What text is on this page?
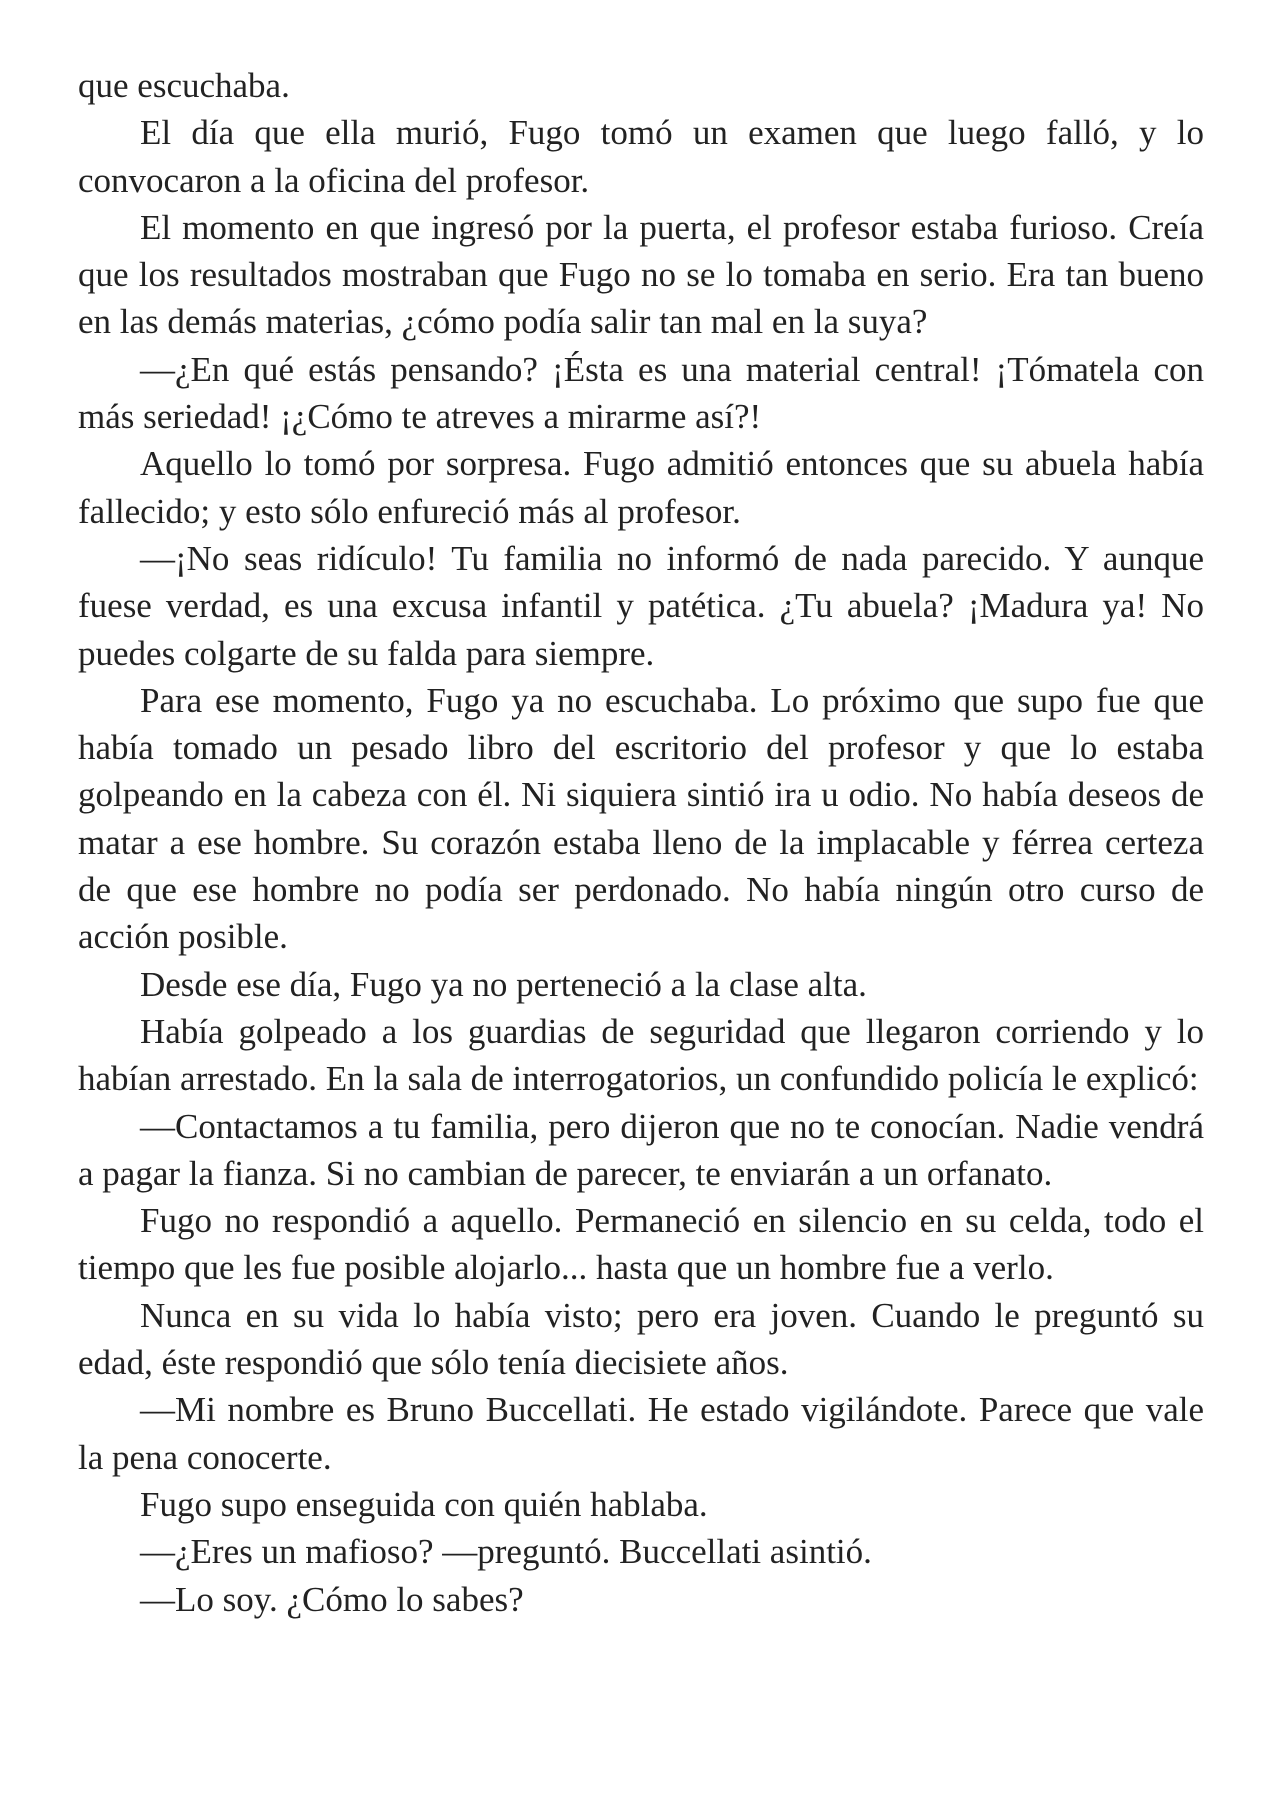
que escuchaba.

El día que ella murió, Fugo tomó un examen que luego falló, y lo convocaron a la oficina del profesor.

El momento en que ingresó por la puerta, el profesor estaba furioso. Creía que los resultados mostraban que Fugo no se lo tomaba en serio. Era tan bueno en las demás materias, ¿cómo podía salir tan mal en la suya?

—¿En qué estás pensando? ¡Ésta es una material central! ¡Tómatela con más seriedad! ¡¿Cómo te atreves a mirarme así?!

Aquello lo tomó por sorpresa. Fugo admitió entonces que su abuela había fallecido; y esto sólo enfureció más al profesor.

—¡No seas ridículo! Tu familia no informó de nada parecido. Y aunque fuese verdad, es una excusa infantil y patética. ¿Tu abuela? ¡Madura ya! No puedes colgarte de su falda para siempre.

Para ese momento, Fugo ya no escuchaba. Lo próximo que supo fue que había tomado un pesado libro del escritorio del profesor y que lo estaba golpeando en la cabeza con él. Ni siquiera sintió ira u odio. No había deseos de matar a ese hombre. Su corazón estaba lleno de la implacable y férrea certeza de que ese hombre no podía ser perdonado. No había ningún otro curso de acción posible.

Desde ese día, Fugo ya no perteneció a la clase alta.

Había golpeado a los guardias de seguridad que llegaron corriendo y lo habían arrestado. En la sala de interrogatorios, un confundido policía le explicó:

—Contactamos a tu familia, pero dijeron que no te conocían. Nadie vendrá a pagar la fianza. Si no cambian de parecer, te enviarán a un orfanato.

Fugo no respondió a aquello. Permaneció en silencio en su celda, todo el tiempo que les fue posible alojarlo... hasta que un hombre fue a verlo.

Nunca en su vida lo había visto; pero era joven. Cuando le preguntó su edad, éste respondió que sólo tenía diecisiete años.

—Mi nombre es Bruno Buccellati. He estado vigilándote. Parece que vale la pena conocerte.

Fugo supo enseguida con quién hablaba.

—¿Eres un mafioso? —preguntó. Buccellati asintió.

—Lo soy. ¿Cómo lo sabes?
